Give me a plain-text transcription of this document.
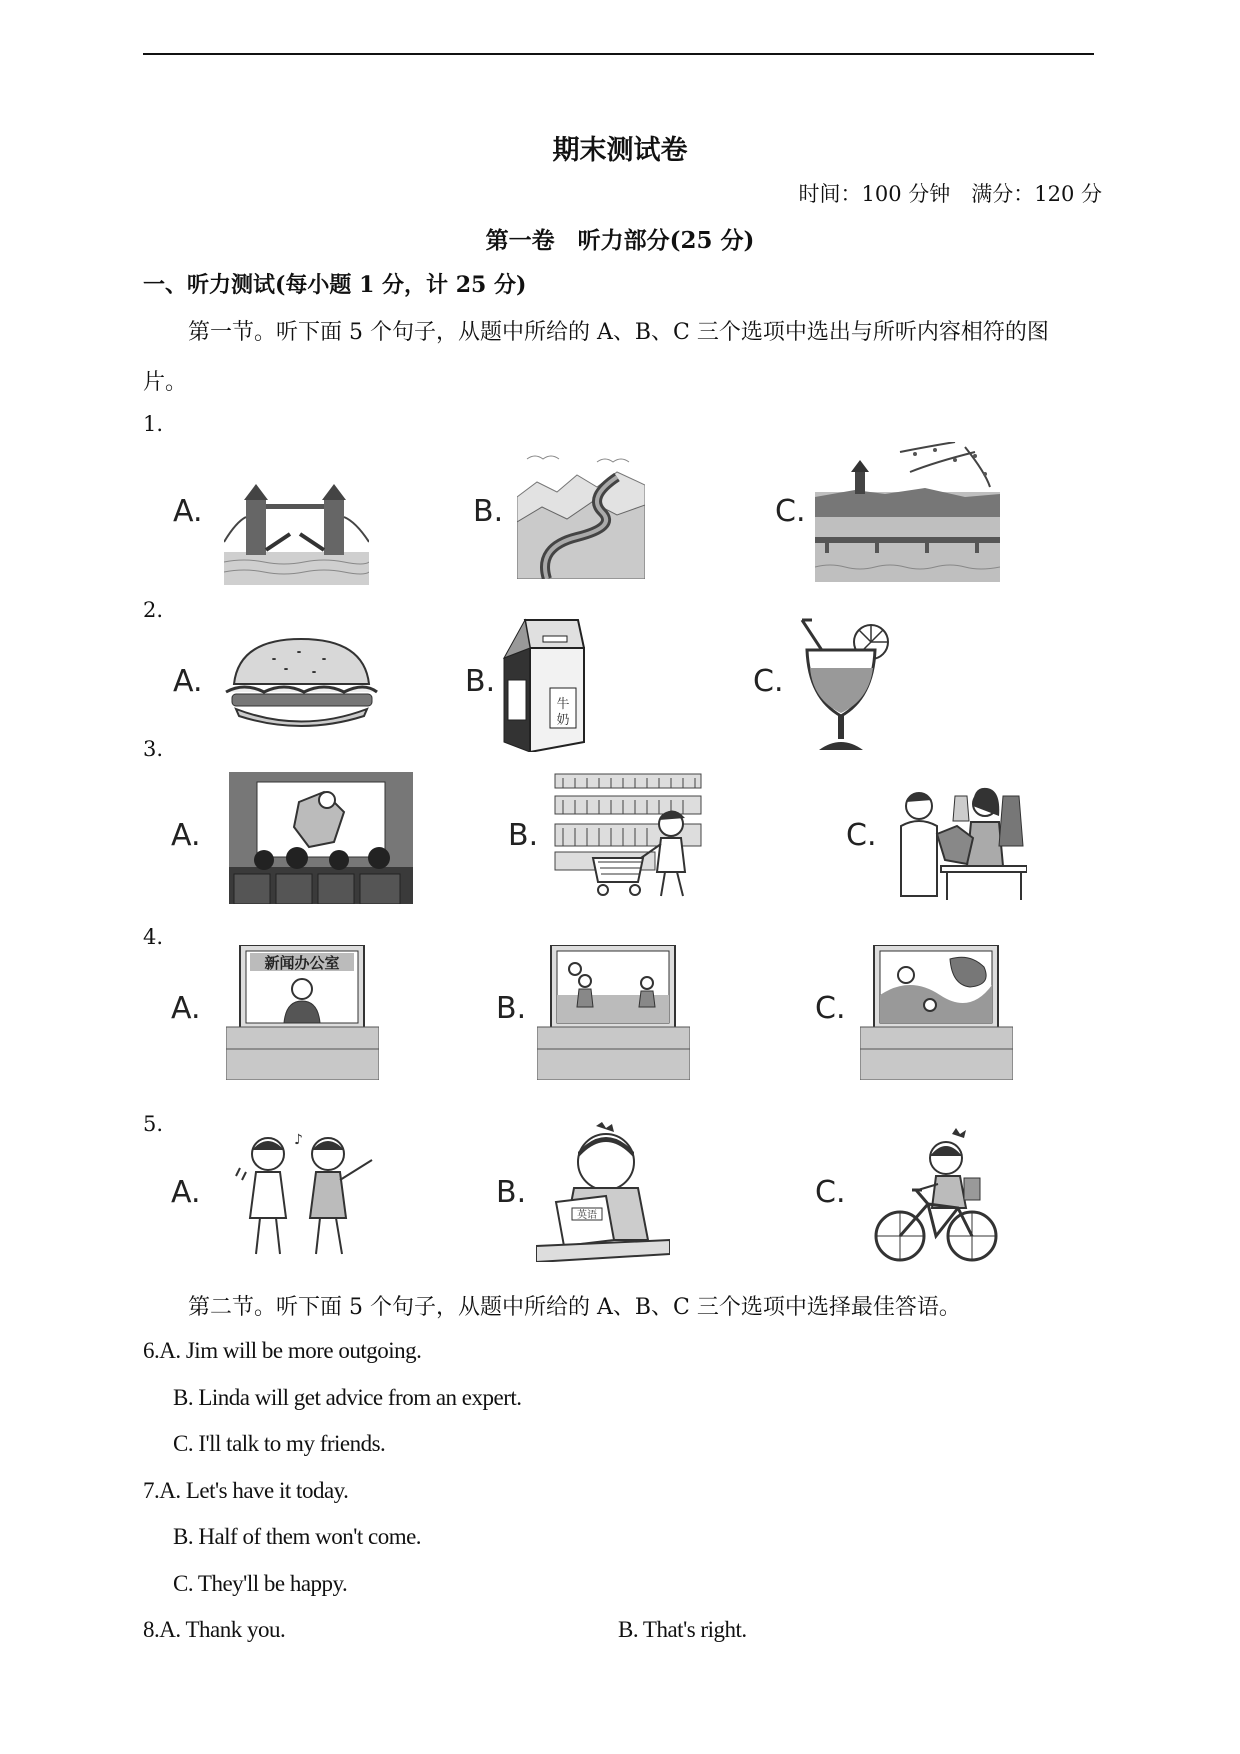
期末测试卷
时间：100 分钟　满分：120 分
第一卷　听力部分(25 分)
一、听力测试(每小题 1 分，计 25 分)
第一节。听下面 5 个句子，从题中所给的 A、B、C 三个选项中选出与所听内容相符的图
片。
1.
A.	B.	C.
2.
A.	B.
牛
奶
C.
3.
A.	B.	C.
4.
A.
新闻办公室
B.	C.
5.
A.
♪
B.
英语
C.
第二节。听下面 5 个句子，从题中所给的 A、B、C 三个选项中选择最佳答语。
6.A. Jim will be more outgoing.
B. Linda will get advice from an expert.
C. I'll talk to my friends.
7.A. Let's have it today.
B. Half of them won't come.
C. They'll be happy.
8.A. Thank you.	B. That's right.
